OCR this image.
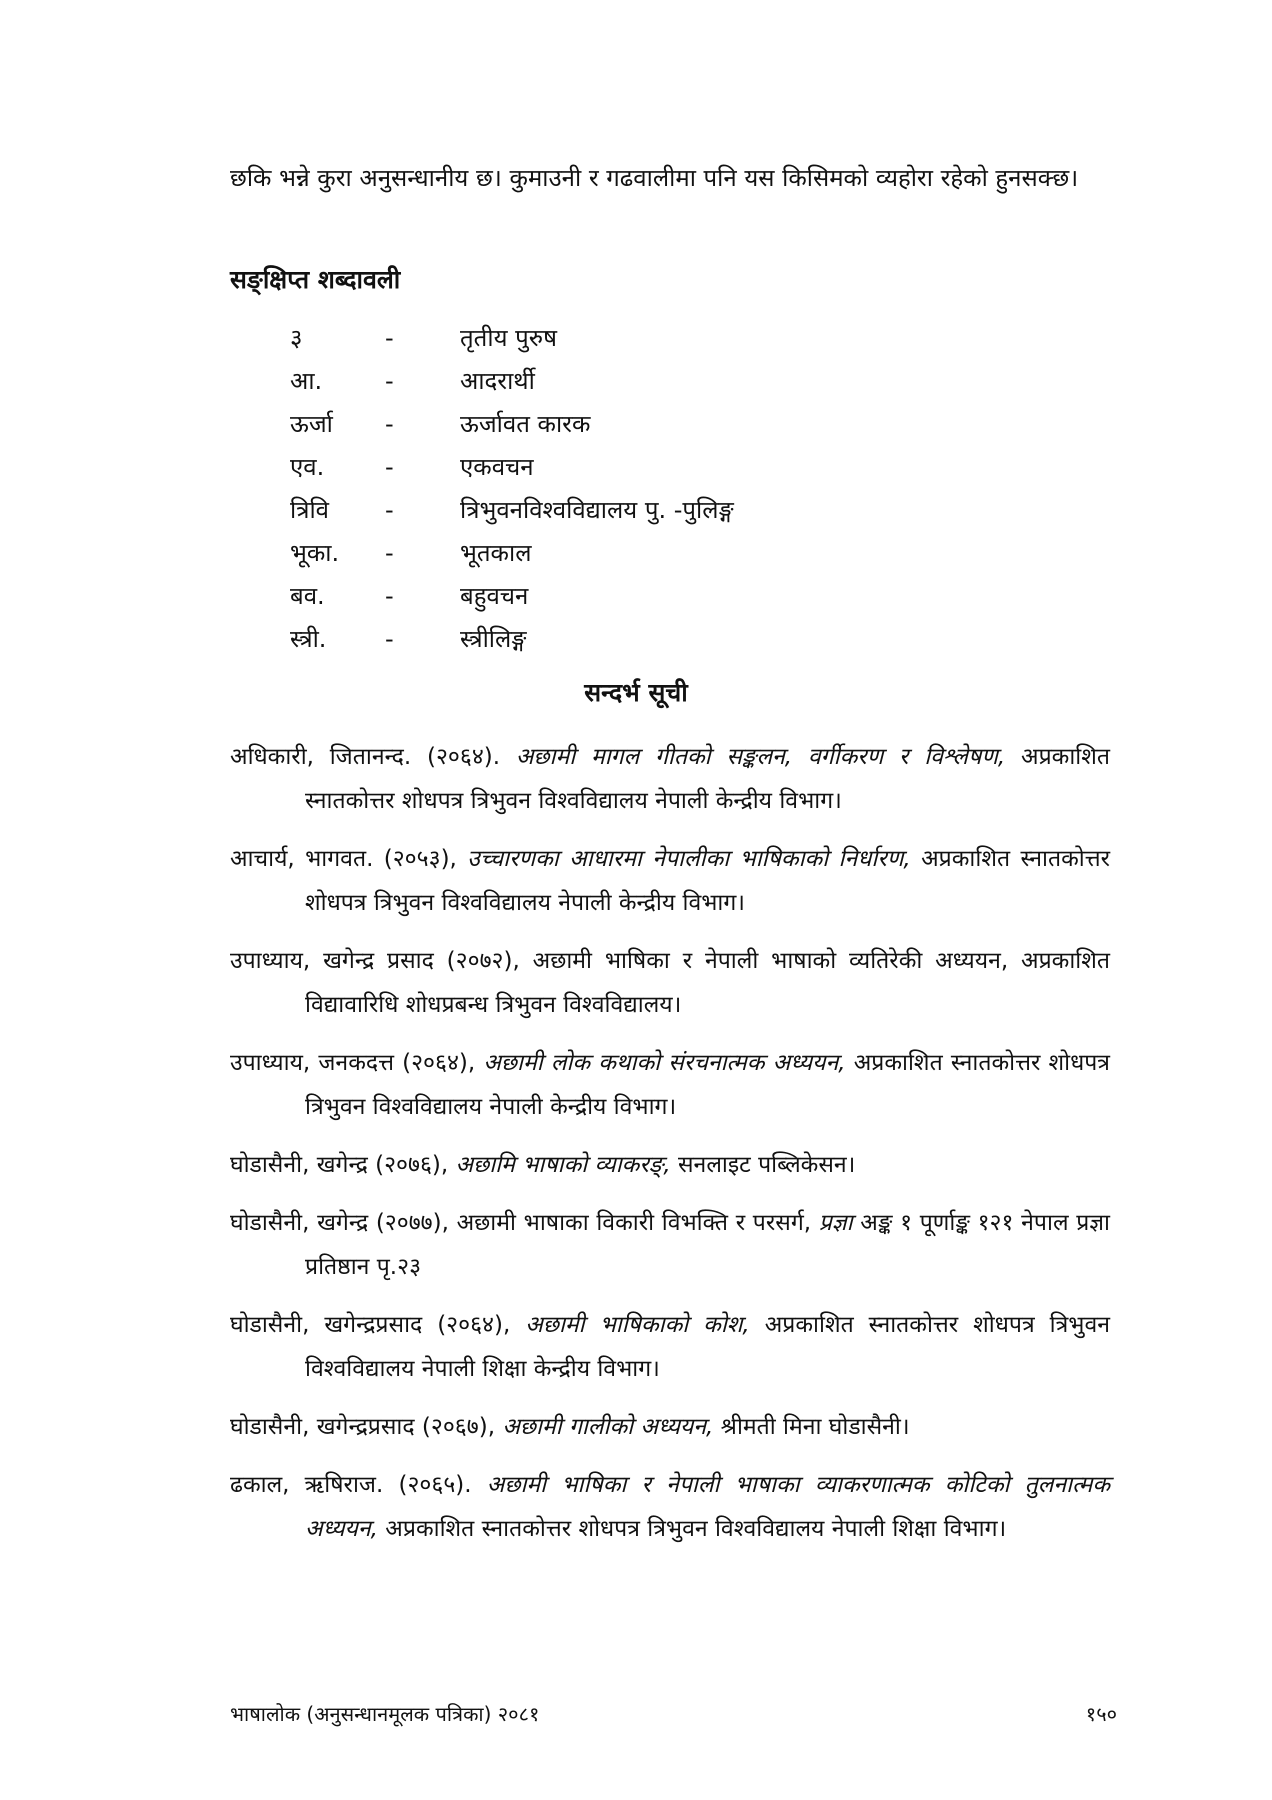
छकि भन्ने कुरा अनुसन्धानीय छ। कुमाउनी र गढवालीमा पनि यस किसिमको व्यहोरा रहेको हुनसक्छ।

सङ्क्षिप्त शब्दावली
३	-	तृतीय पुरुष
आ.	-	आदरार्थी
ऊर्जा	-	ऊर्जावत कारक
एव.	-	एकवचन
त्रिवि	-	त्रिभुवनविश्वविद्यालय पु. -पुलिङ्ग
भूका.	-	भूतकाल
बव.	-	बहुवचन
स्त्री.	-	स्त्रीलिङ्ग
सन्दर्भ सूची

अधिकारी, जितानन्द. (२०६४). अछामी मागल गीतको सङ्कलन, वर्गीकरण र विश्लेषण, अप्रकाशित स्नातकोत्तर शोधपत्र त्रिभुवन विश्वविद्यालय नेपाली केन्द्रीय विभाग।

आचार्य, भागवत. (२०५३), उच्चारणका आधारमा नेपालीका भाषिकाको निर्धारण, अप्रकाशित स्नातकोत्तर शोधपत्र त्रिभुवन विश्वविद्यालय नेपाली केन्द्रीय विभाग।

उपाध्याय, खगेन्द्र प्रसाद (२०७२), अछामी भाषिका र नेपाली भाषाको व्यतिरेकी अध्ययन, अप्रकाशित विद्यावारिधि शोधप्रबन्ध त्रिभुवन विश्वविद्यालय।

उपाध्याय, जनकदत्त (२०६४), अछामी लोक कथाको संरचनात्मक अध्ययन, अप्रकाशित स्नातकोत्तर शोधपत्र त्रिभुवन विश्वविद्यालय नेपाली केन्द्रीय विभाग।

घोडासैनी, खगेन्द्र (२०७६), अछामि भाषाको व्याकरङ्, सनलाइट पब्लिकेसन।

घोडासैनी, खगेन्द्र (२०७७), अछामी भाषाका विकारी विभक्ति र परसर्ग, प्रज्ञा अङ्क १ पूर्णाङ्क १२१ नेपाल प्रज्ञा प्रतिष्ठान पृ.२३

घोडासैनी, खगेन्द्रप्रसाद (२०६४), अछामी भाषिकाको कोश, अप्रकाशित स्नातकोत्तर शोधपत्र त्रिभुवन विश्वविद्यालय नेपाली शिक्षा केन्द्रीय विभाग।

घोडासैनी, खगेन्द्रप्रसाद (२०६७), अछामी गालीको अध्ययन, श्रीमती मिना घोडासैनी।

ढकाल, ऋषिराज. (२०६५). अछामी भाषिका र नेपाली भाषाका व्याकरणात्मक कोटिको तुलनात्मक अध्ययन, अप्रकाशित स्नातकोत्तर शोधपत्र त्रिभुवन विश्वविद्यालय नेपाली शिक्षा विभाग।

भाषालोक (अनुसन्धानमूलक पत्रिका) २०८१	१५०
